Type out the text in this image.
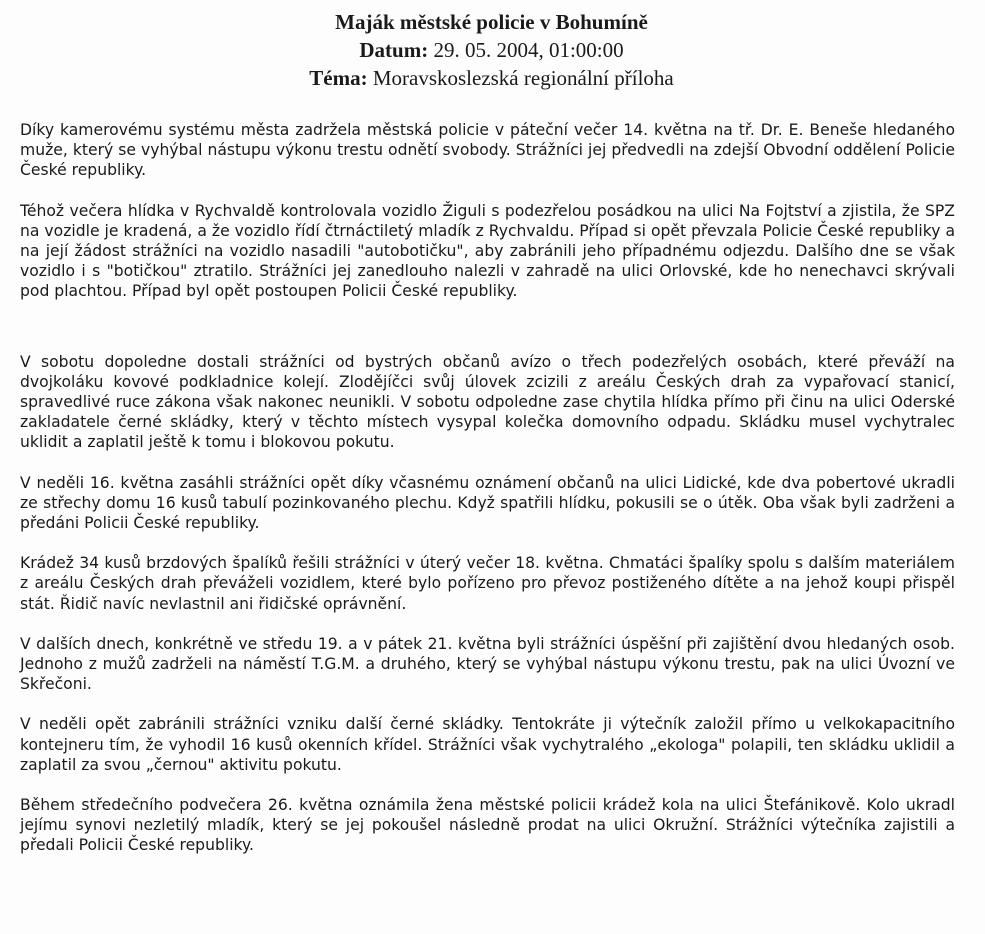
Maják městské policie v Bohumíně
Datum: 29. 05. 2004, 01:00:00
Téma: Moravskoslezská regionální příloha

Díky kamerovému systému města zadržela městská policie v páteční večer 14. května na tř. Dr. E. Beneše hledaného muže, který se vyhýbal nástupu výkonu trestu odnětí svobody. Strážníci jej předvedli na zdejší Obvodní oddělení Policie České republiky.

Téhož večera hlídka v Rychvaldě kontrolovala vozidlo Žiguli s podezřelou posádkou na ulici Na Fojtství a zjistila, že SPZ na vozidle je kradená, a že vozidlo řídí čtrnáctiletý mladík z Rychvaldu. Případ si opět převzala Policie České republiky a na její žádost strážníci na vozidlo nasadili "autobotičku", aby zabránili jeho případnému odjezdu. Dalšího dne se však vozidlo i s "botičkou" ztratilo. Strážníci jej zanedlouho nalezli v zahradě na ulici Orlovské, kde ho nenechavci skrývali pod plachtou. Případ byl opět postoupen Policii České republiky.

V sobotu dopoledne dostali strážníci od bystrých občanů avízo o třech podezřelých osobách, které převáží na dvojkoláku kovové podkladnice kolejí. Zlodějíčci svůj úlovek zcizili z areálu Českých drah za vypařovací stanicí, spravedlivé ruce zákona však nakonec neunikli. V sobotu odpoledne zase chytila hlídka přímo při činu na ulici Oderské zakladatele černé skládky, který v těchto místech vysypal kolečka domovního odpadu. Skládku musel vychytralec uklidit a zaplatil ještě k tomu i blokovou pokutu.

V neděli 16. května zasáhli strážníci opět díky včasnému oznámení občanů na ulici Lidické, kde dva pobertové ukradli ze střechy domu 16 kusů tabulí pozinkovaného plechu. Když spatřili hlídku, pokusili se o útěk. Oba však byli zadrženi a předáni Policii České republiky.

Krádež 34 kusů brzdových špalíků řešili strážníci v úterý večer 18. května. Chmatáci špalíky spolu s dalším materiálem z areálu Českých drah převáželi vozidlem, které bylo pořízeno pro převoz postiženého dítěte a na jehož koupi přispěl stát. Řidič navíc nevlastnil ani řidičské oprávnění.

V dalších dnech, konkrétně ve středu 19. a v pátek 21. května byli strážníci úspěšní při zajištění dvou hledaných osob. Jednoho z mužů zadrželi na náměstí T.G.M. a druhého, který se vyhýbal nástupu výkonu trestu, pak na ulici Úvozní ve Skřečoni.

V neděli opět zabránili strážníci vzniku další černé skládky. Tentokráte ji výtečník založil přímo u velkokapacitního kontejneru tím, že vyhodil 16 kusů okenních křídel. Strážníci však vychytralého „ekologa" polapili, ten skládku uklidil a zaplatil za svou „černou" aktivitu pokutu.

Během středečního podvečera 26. května oznámila žena městské policii krádež kola na ulici Štefánikově. Kolo ukradl jejímu synovi nezletilý mladík, který se jej pokoušel následně prodat na ulici Okružní. Strážníci výtečníka zajistili a předali Policii České republiky.
